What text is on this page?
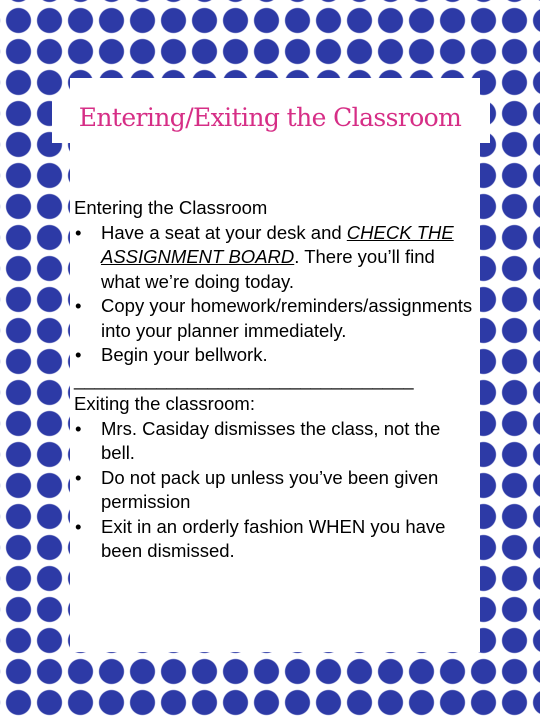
Entering/Exiting the Classroom

Entering the Classroom

• Have a seat at your desk and CHECK THE ASSIGNMENT BOARD. There you’ll find what we’re doing today.
• Copy your homework/reminders/assignments into your planner immediately.
• Begin your bellwork.

_________________________________

Exiting the classroom:

• Mrs. Casiday dismisses the class, not the bell.
• Do not pack up unless you’ve been given permission
• Exit in an orderly fashion WHEN you have been dismissed.
